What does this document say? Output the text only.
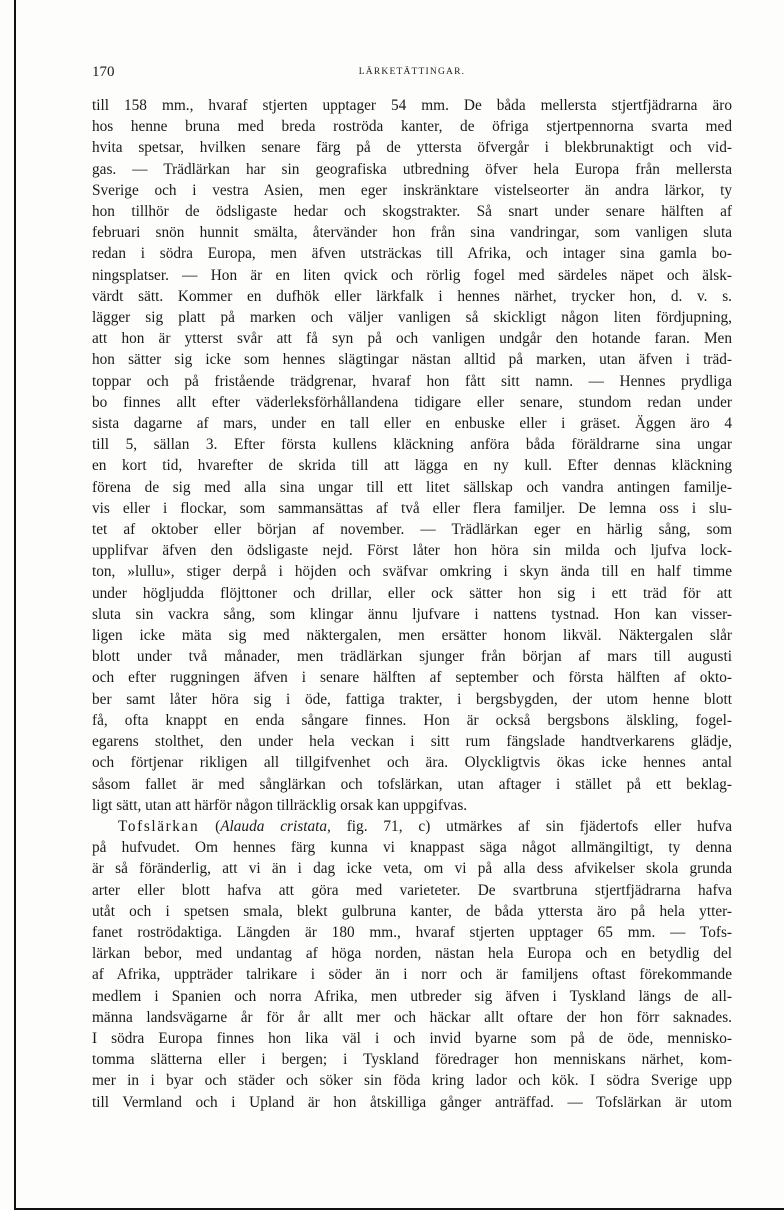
170	LÄRKETÄTTINGAR.

till 158 mm., hvaraf stjerten upptager 54 mm. De båda mellersta stjertfjädrarna äro

hos henne bruna med breda roströda kanter, de öfriga stjertpennorna svarta med

hvita spetsar, hvilken senare färg på de yttersta öfvergår i blekbrunaktigt och vid-

gas. — Trädlärkan har sin geografiska utbredning öfver hela Europa från mellersta

Sverige och i vestra Asien, men eger inskränktare vistelseorter än andra lärkor, ty

hon tillhör de ödsligaste hedar och skogstrakter. Så snart under senare hälften af

februari snön hunnit smälta, återvänder hon från sina vandringar, som vanligen sluta

redan i södra Europa, men äfven utsträckas till Afrika, och intager sina gamla bo-

ningsplatser. — Hon är en liten qvick och rörlig fogel med särdeles näpet och älsk-

värdt sätt. Kommer en dufhök eller lärkfalk i hennes närhet, trycker hon, d. v. s.

lägger sig platt på marken och väljer vanligen så skickligt någon liten fördjupning,

att hon är ytterst svår att få syn på och vanligen undgår den hotande faran. Men

hon sätter sig icke som hennes slägtingar nästan alltid på marken, utan äfven i träd-

toppar och på fristående trädgrenar, hvaraf hon fått sitt namn. — Hennes prydliga

bo finnes allt efter väderleksförhållandena tidigare eller senare, stundom redan under

sista dagarne af mars, under en tall eller en enbuske eller i gräset. Äggen äro 4

till 5, sällan 3. Efter första kullens kläckning anföra båda föräldrarne sina ungar

en kort tid, hvarefter de skrida till att lägga en ny kull. Efter dennas kläckning

förena de sig med alla sina ungar till ett litet sällskap och vandra antingen familje-

vis eller i flockar, som sammansättas af två eller flera familjer. De lemna oss i slu-

tet af oktober eller början af november. — Trädlärkan eger en härlig sång, som

upplifvar äfven den ödsligaste nejd. Först låter hon höra sin milda och ljufva lock-

ton, »lullu», stiger derpå i höjden och sväfvar omkring i skyn ända till en half timme

under högljudda flöjttoner och drillar, eller ock sätter hon sig i ett träd för att

sluta sin vackra sång, som klingar ännu ljufvare i nattens tystnad. Hon kan visser-

ligen icke mäta sig med näktergalen, men ersätter honom likväl. Näktergalen slår

blott under två månader, men trädlärkan sjunger från början af mars till augusti

och efter ruggningen äfven i senare hälften af september och första hälften af okto-

ber samt låter höra sig i öde, fattiga trakter, i bergsbygden, der utom henne blott

få, ofta knappt en enda sångare finnes. Hon är också bergsbons älskling, fogel-

egarens stolthet, den under hela veckan i sitt rum fängslade handtverkarens glädje,

och förtjenar rikligen all tillgifvenhet och ära. Olyckligtvis ökas icke hennes antal

såsom fallet är med sånglärkan och tofslärkan, utan aftager i stället på ett beklag-

ligt sätt, utan att härför någon tillräcklig orsak kan uppgifvas.

Tofslärkan (Alauda cristata, fig. 71, c) utmärkes af sin fjädertofs eller hufva

på hufvudet. Om hennes färg kunna vi knappast säga något allmängiltigt, ty denna

är så föränderlig, att vi än i dag icke veta, om vi på alla dess afvikelser skola grunda

arter eller blott hafva att göra med varieteter. De svartbruna stjertfjädrarna hafva

utåt och i spetsen smala, blekt gulbruna kanter, de båda yttersta äro på hela ytter-

fanet roströdaktiga. Längden är 180 mm., hvaraf stjerten upptager 65 mm. — Tofs-

lärkan bebor, med undantag af höga norden, nästan hela Europa och en betydlig del

af Afrika, uppträder talrikare i söder än i norr och är familjens oftast förekommande

medlem i Spanien och norra Afrika, men utbreder sig äfven i Tyskland längs de all-

männa landsvägarne år för år allt mer och häckar allt oftare der hon förr saknades.

I södra Europa finnes hon lika väl i och invid byarne som på de öde, mennisko-

tomma slätterna eller i bergen; i Tyskland föredrager hon menniskans närhet, kom-

mer in i byar och städer och söker sin föda kring lador och kök. I södra Sverige upp

till Vermland och i Upland är hon åtskilliga gånger anträffad. — Tofslärkan är utom
